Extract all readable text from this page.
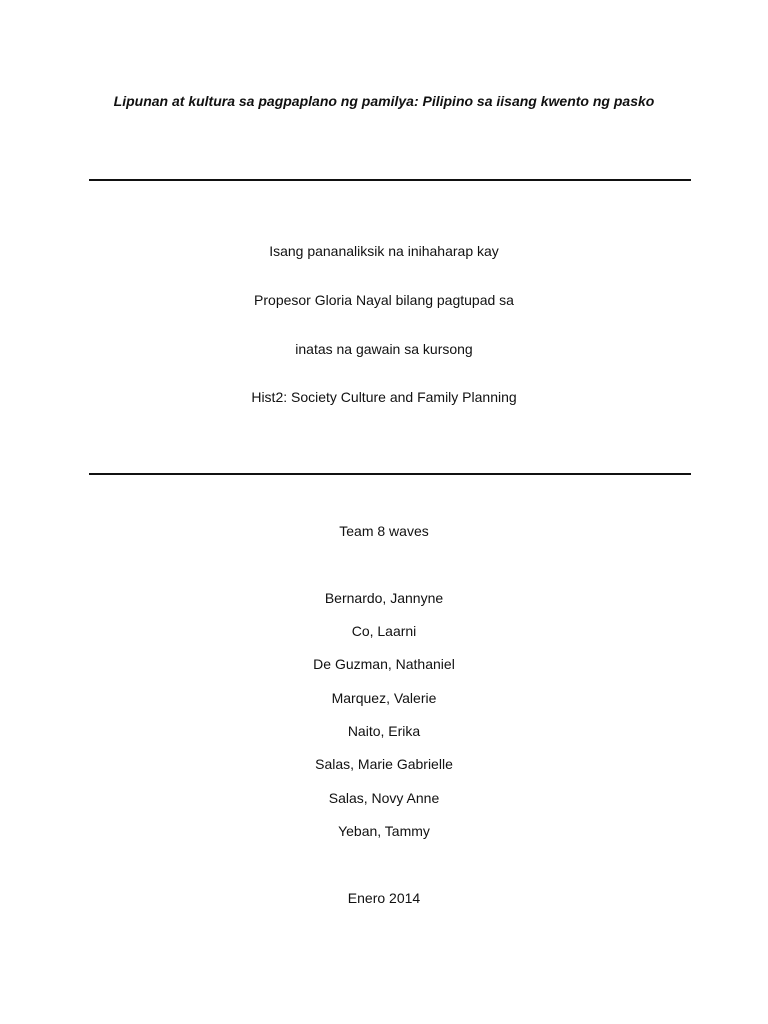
Lipunan at kultura sa pagpaplano ng pamilya: Pilipino sa iisang kwento ng pasko
Isang pananaliksik na inihaharap kay
Propesor Gloria Nayal bilang pagtupad sa
inatas na gawain sa kursong
Hist2: Society Culture and Family Planning
Team 8 waves
Bernardo, Jannyne
Co, Laarni
De Guzman, Nathaniel
Marquez, Valerie
Naito, Erika
Salas, Marie Gabrielle
Salas, Novy Anne
Yeban, Tammy
Enero 2014
